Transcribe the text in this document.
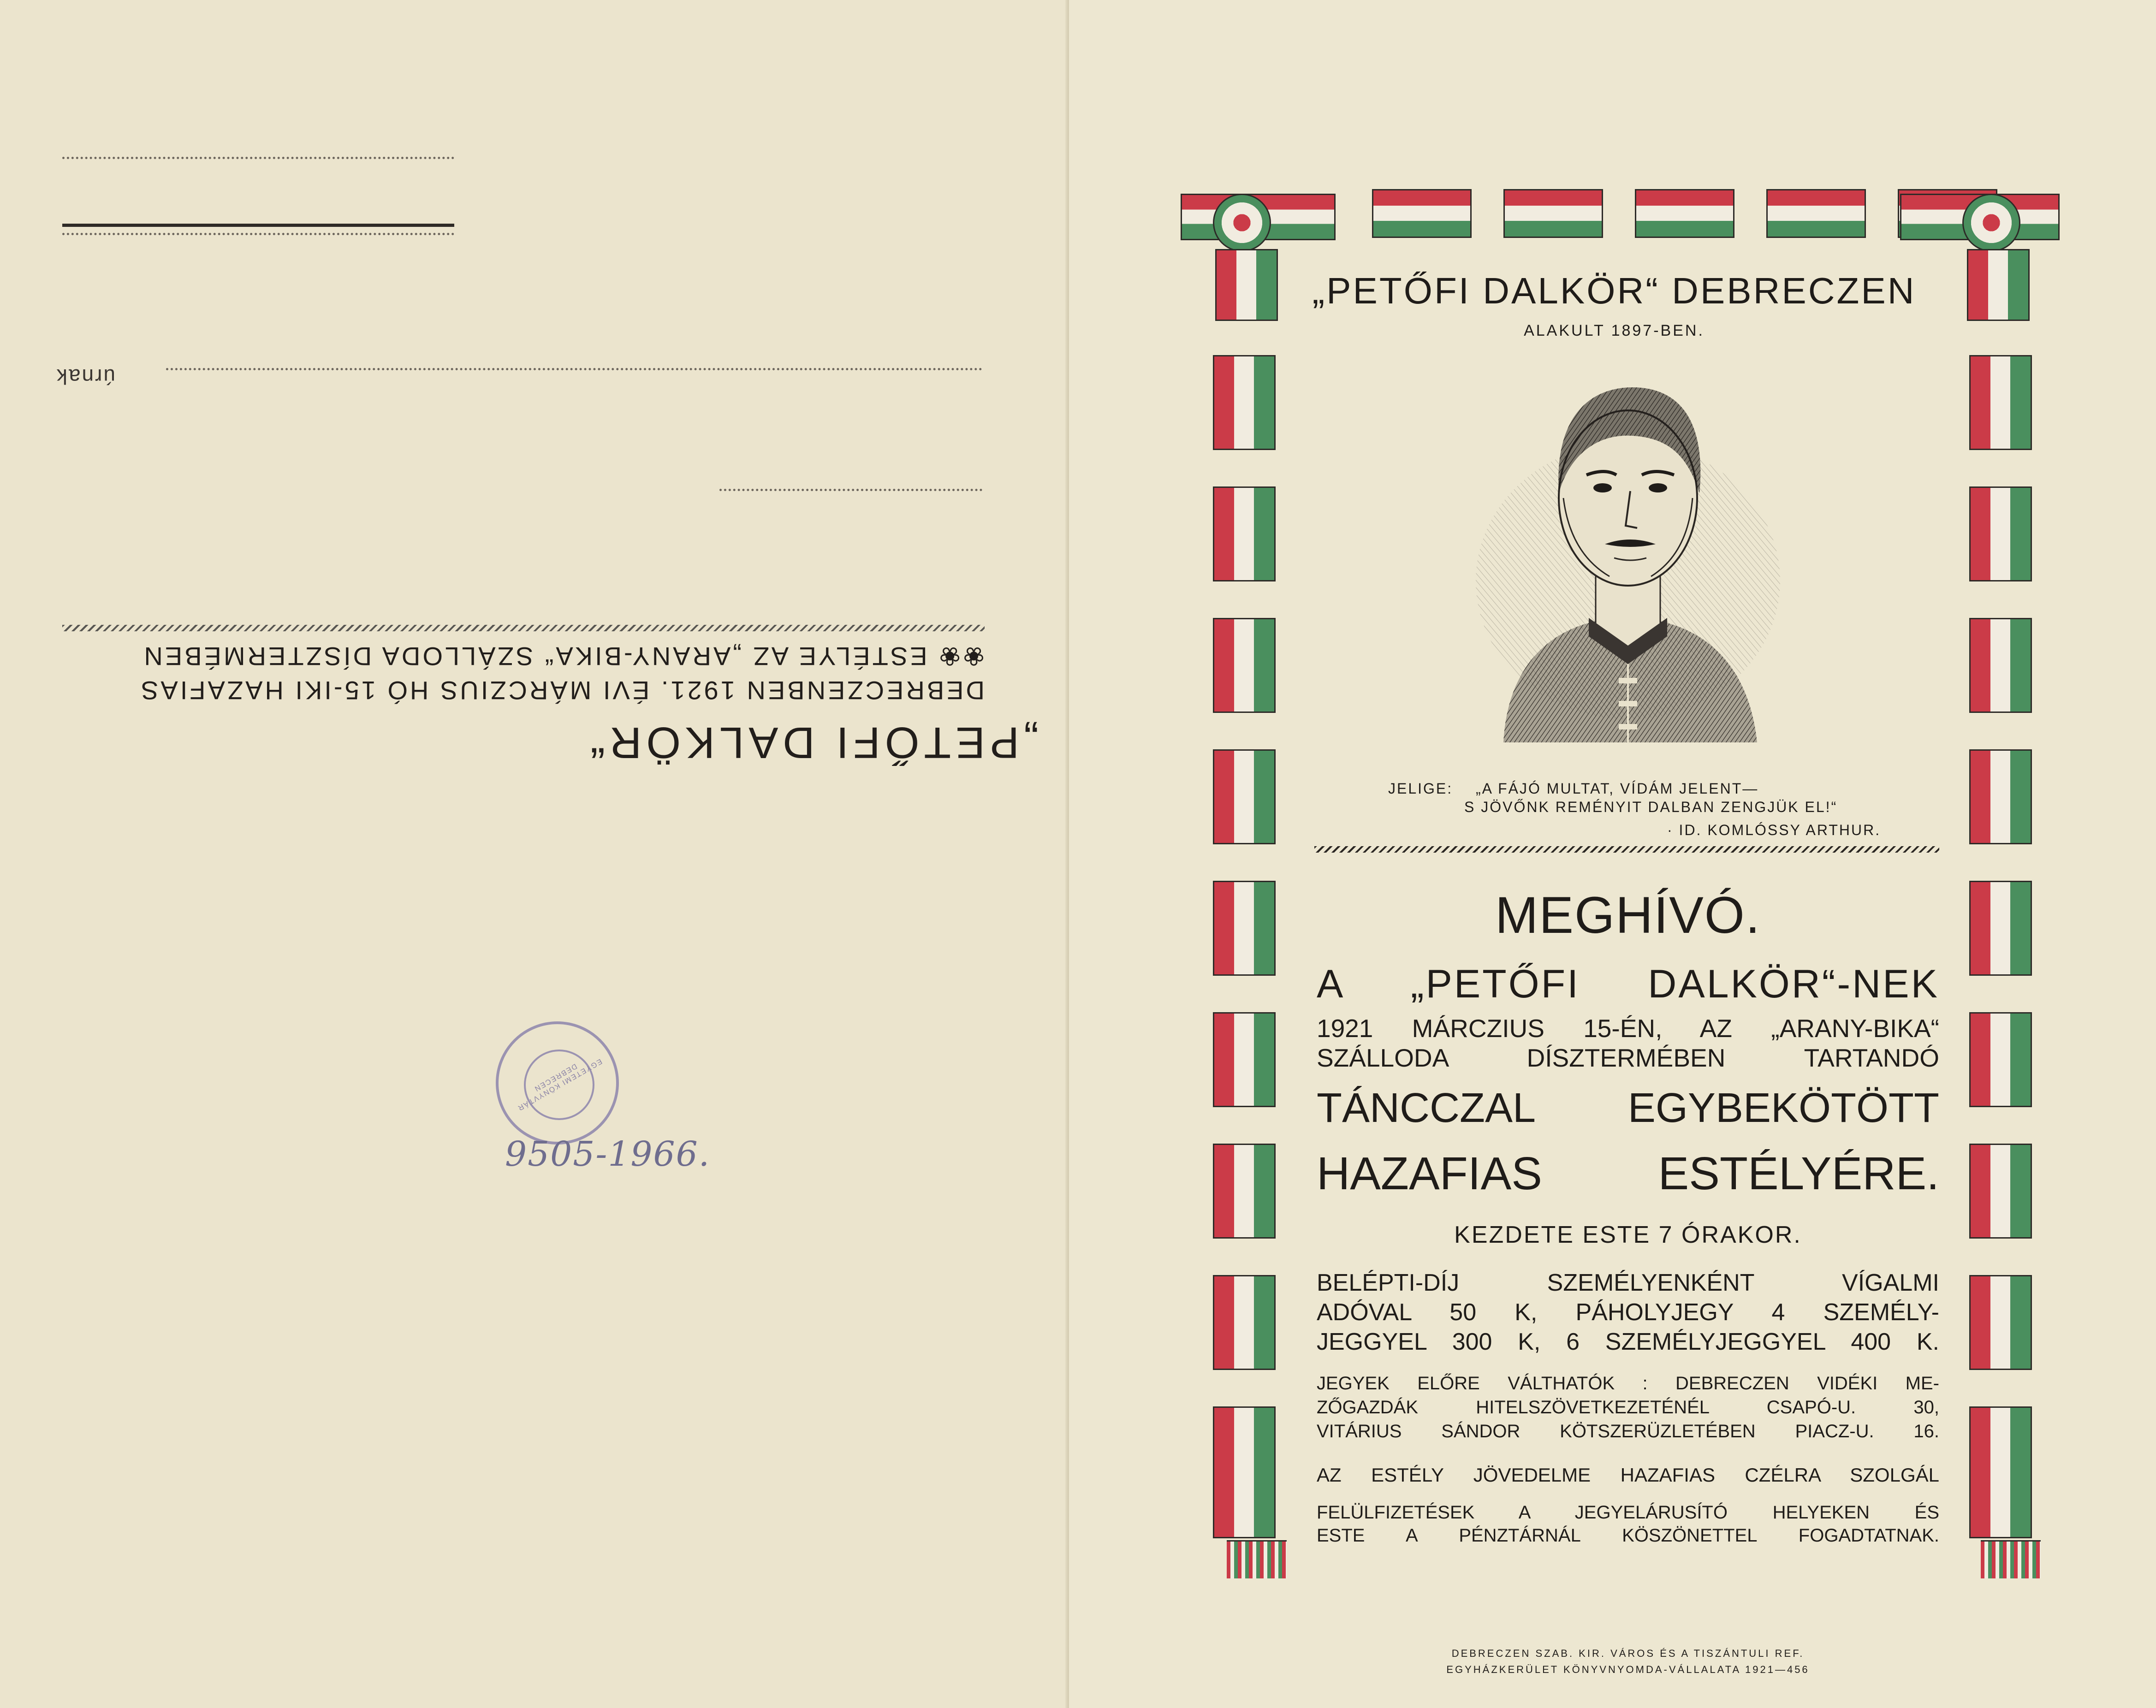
úrnak
❀❀ ESTÉLYE AZ „ARANY-BIKA“ SZÁLLODA DÍSZTERMÉBEN
DEBRECZENBEN 1921. ÉVI MÁRCZIUS HÓ 15-IKI HAZAFIAS
„PETŐFI DALKÖR“
EGYETEMI KÖNYVTÁR DEBRECEN
9505-1966.
„PETŐFI DALKÖR“ DEBRECZEN
ALAKULT 1897-BEN.
JELIGE: „A FÁJÓ MULTAT, VÍDÁM JELENT—
S JÖVŐNK REMÉNYIT DALBAN ZENGJÜK EL!“
· ID. KOMLÓSSY ARTHUR.
MEGHÍVÓ.
A „PETŐFI DALKÖR“-NEK
1921 MÁRCZIUS 15-ÉN, AZ „ARANY-BIKA“
SZÁLLODA DÍSZTERMÉBEN TARTANDÓ
TÁNCCZAL EGYBEKÖTÖTT
HAZAFIAS ESTÉLYÉRE.
KEZDETE ESTE 7 ÓRAKOR.
BELÉPTI-DÍJ SZEMÉLYENKÉNT VÍGALMI
ADÓVAL 50 K, PÁHOLYJEGY 4 SZEMÉLY-
JEGGYEL 300 K, 6 SZEMÉLYJEGGYEL 400 K.
JEGYEK ELŐRE VÁLTHATÓK : DEBRECZEN VIDÉKI ME-
ZŐGAZDÁK HITELSZÖVETKEZETÉNÉL CSAPÓ-U. 30,
VITÁRIUS SÁNDOR KÖTSZERÜZLETÉBEN PIACZ-U. 16.
AZ ESTÉLY JÖVEDELME HAZAFIAS CZÉLRA SZOLGÁL
FELÜLFIZETÉSEK A JEGYELÁRUSÍTÓ HELYEKEN ÉS
ESTE A PÉNZTÁRNÁL KÖSZÖNETTEL FOGADTATNAK.
DEBRECZEN SZAB. KIR. VÁROS ÉS A TISZÁNTULI REF.
EGYHÁZKERÜLET KÖNYVNYOMDA-VÁLLALATA 1921—456
